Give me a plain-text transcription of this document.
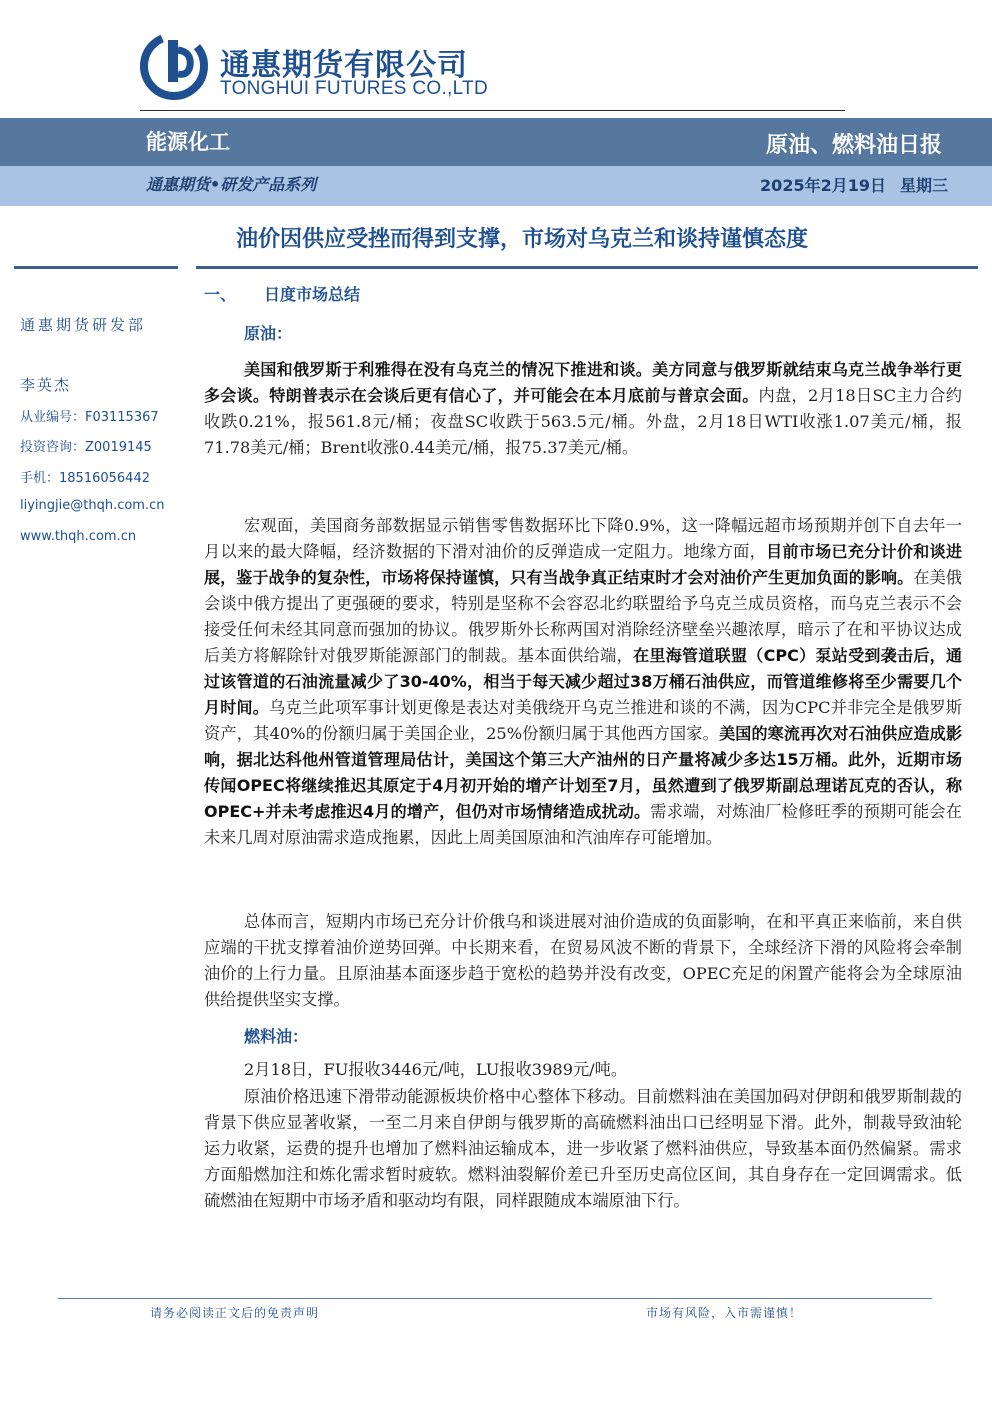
通惠期货有限公司
TONGHUI FUTURES CO.,LTD
能源化工	原油、燃料油日报
通惠期货•研发产品系列	2025年2月19日 星期三
油价因供应受挫而得到支撑，市场对乌克兰和谈持谨慎态度
通惠期货研发部
李英杰
从业编号：F03115367
投资咨询：Z0019145
手机：18516056442
liyingjie@thqh.com.cn
www.thqh.com.cn
一、 日度市场总结
原油：

美国和俄罗斯于利雅得在没有乌克兰的情况下推进和谈。美方同意与俄罗斯就结束乌克兰战争举行更多会谈。特朗普表示在会谈后更有信心了，并可能会在本月底前与普京会面。内盘，2月18日SC主力合约收跌0.21%，报561.8元/桶；夜盘SC收跌于563.5元/桶。外盘，2月18日WTI收涨1.07美元/桶，报71.78美元/桶；Brent收涨0.44美元/桶，报75.37美元/桶。

宏观面，美国商务部数据显示销售零售数据环比下降0.9%，这一降幅远超市场预期并创下自去年一月以来的最大降幅，经济数据的下滑对油价的反弹造成一定阻力。地缘方面，目前市场已充分计价和谈进展，鉴于战争的复杂性，市场将保持谨慎，只有当战争真正结束时才会对油价产生更加负面的影响。在美俄会谈中俄方提出了更强硬的要求，特别是坚称不会容忍北约联盟给予乌克兰成员资格，而乌克兰表示不会接受任何未经其同意而强加的协议。俄罗斯外长称两国对消除经济壁垒兴趣浓厚，暗示了在和平协议达成后美方将解除针对俄罗斯能源部门的制裁。基本面供给端，在里海管道联盟（CPC）泵站受到袭击后，通过该管道的石油流量减少了30-40%，相当于每天减少超过38万桶石油供应，而管道维修将至少需要几个月时间。乌克兰此项军事计划更像是表达对美俄绕开乌克兰推进和谈的不满，因为CPC并非完全是俄罗斯资产，其40%的份额归属于美国企业，25%份额归属于其他西方国家。美国的寒流再次对石油供应造成影响，据北达科他州管道管理局估计，美国这个第三大产油州的日产量将减少多达15万桶。此外，近期市场传闻OPEC将继续推迟其原定于4月初开始的增产计划至7月，虽然遭到了俄罗斯副总理诺瓦克的否认，称OPEC+并未考虑推迟4月的增产，但仍对市场情绪造成扰动。需求端，对炼油厂检修旺季的预期可能会在未来几周对原油需求造成拖累，因此上周美国原油和汽油库存可能增加。

总体而言，短期内市场已充分计价俄乌和谈进展对油价造成的负面影响，在和平真正来临前，来自供应端的干扰支撑着油价逆势回弹。中长期来看，在贸易风波不断的背景下，全球经济下滑的风险将会牵制油价的上行力量。且原油基本面逐步趋于宽松的趋势并没有改变，OPEC充足的闲置产能将会为全球原油供给提供坚实支撑。

燃料油：

2月18日，FU报收3446元/吨，LU报收3989元/吨。

原油价格迅速下滑带动能源板块价格中心整体下移动。目前燃料油在美国加码对伊朗和俄罗斯制裁的背景下供应显著收紧，一至二月来自伊朗与俄罗斯的高硫燃料油出口已经明显下滑。此外，制裁导致油轮运力收紧，运费的提升也增加了燃料油运输成本，进一步收紧了燃料油供应，导致基本面仍然偏紧。需求方面船燃加注和炼化需求暂时疲软。燃料油裂解价差已升至历史高位区间，其自身存在一定回调需求。低硫燃油在短期中市场矛盾和驱动均有限，同样跟随成本端原油下行。

请务必阅读正文后的免责声明	市场有风险，入市需谨慎！
